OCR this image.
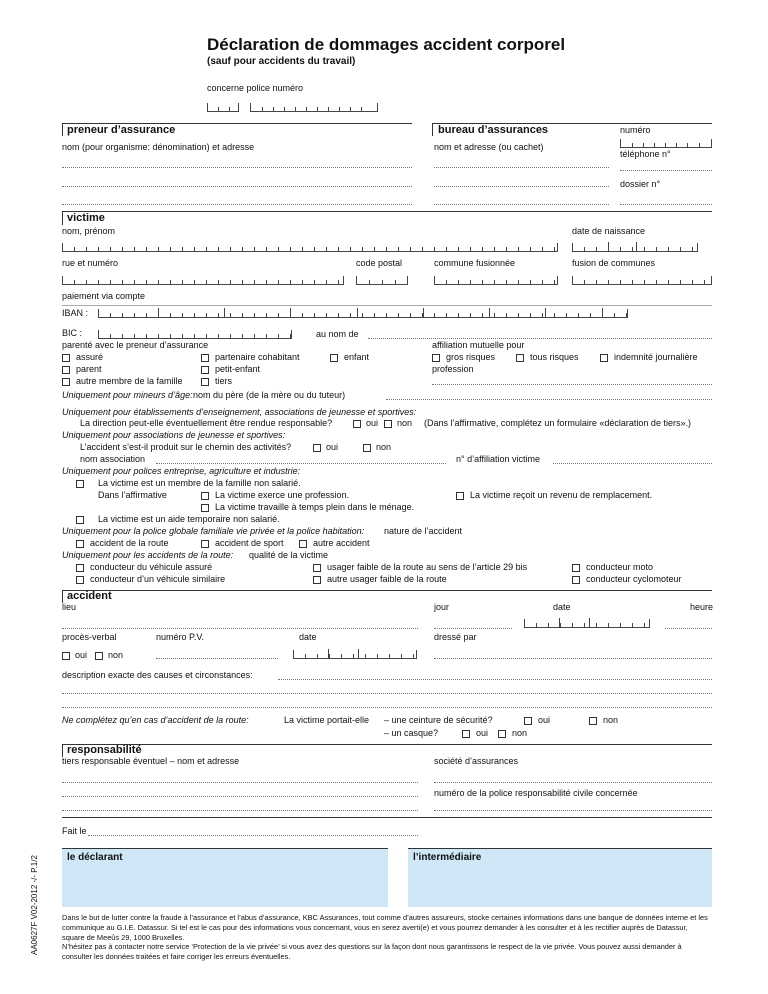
Déclaration de dommages accident corporel
(sauf pour accidents du travail)
concerne police numéro
preneur d’assurance	bureau d’assurances	numéro
nom (pour organisme: dénomination) et adresse	nom et adresse (ou cachet)
téléphone n°
dossier n°
victime
nom, prénom	date de naissance
rue et numéro	code postal	commune fusionnée	fusion de communes
paiement via compte
IBAN :
BIC :	au nom de
parenté avec le preneur d’assurance	affiliation mutuelle pour
assuré	partenaire cohabitant	enfant	gros risques	tous risques	indemnité journalière
parent	petit-enfant	profession
autre membre de la famille	tiers
Uniquement pour mineurs d’âge: nom du père (de la mère ou du tuteur)
Uniquement pour établissements d’enseignement, associations de jeunesse et sportives:
La direction peut-elle éventuellement être rendue responsable?	oui non (Dans l’affirmative, complétez un formulaire «déclaration de tiers».)
Uniquement pour associations de jeunesse et sportives:
L’accident s’est-il produit sur le chemin des activités?	oui	non
nom association	n° d’affiliation victime
Uniquement pour polices entreprise, agriculture et industrie:
La victime est un membre de la famille non salarié.
Dans l’affirmative	La victime exerce une profession.	La victime reçoit un revenu de remplacement.
La victime travaille à temps plein dans le ménage.
La victime est un aide temporaire non salarié.
Uniquement pour la police globale familiale vie privée et la police habitation: nature de l’accident
accident de la route	accident de sport	autre accident
Uniquement pour les accidents de la route: qualité de la victime
conducteur du véhicule assuré	usager faible de la route au sens de l’article 29 bis	conducteur moto
conducteur d’un véhicule similaire	autre usager faible de la route	conducteur cyclomoteur
accident
lieu	jour	date	heure
procès-verbal	numéro P.V.	date	dressé par
oui non
description exacte des causes et circonstances:
Ne complétez qu’en cas d’accident de la route:	La victime portait-elle – une ceinture de sécurité?	oui	non
– un casque?	oui	non
responsabilité
tiers responsable éventuel – nom et adresse	société d’assurances
numéro de la police responsabilité civile concernée
Fait le
le déclarant	l’intermédiaire
AA0627F V02-2012 -/- P.1/2	Dans le but de lutter contre la fraude à l’assurance et l’abus d’assurance, KBC Assurances, tout comme d’autres assureurs, stocke certaines informations dans une banque de données interne et les communique au G.I.E. Datassur. Si tel est le cas pour des informations vous concernant, vous en serez averti(e) et vous pourrez demander à les consulter et à les rectifier auprès de Datassur, square de Meeûs 29, 1000 Bruxelles.
N’hésitez pas à contacter notre service ‘Protection de la vie privée’ si vous avez des questions sur la façon dont nous garantissons le respect de la vie privée. Vous pouvez aussi demander à consulter les données traitées et faire corriger les erreurs éventuelles.
